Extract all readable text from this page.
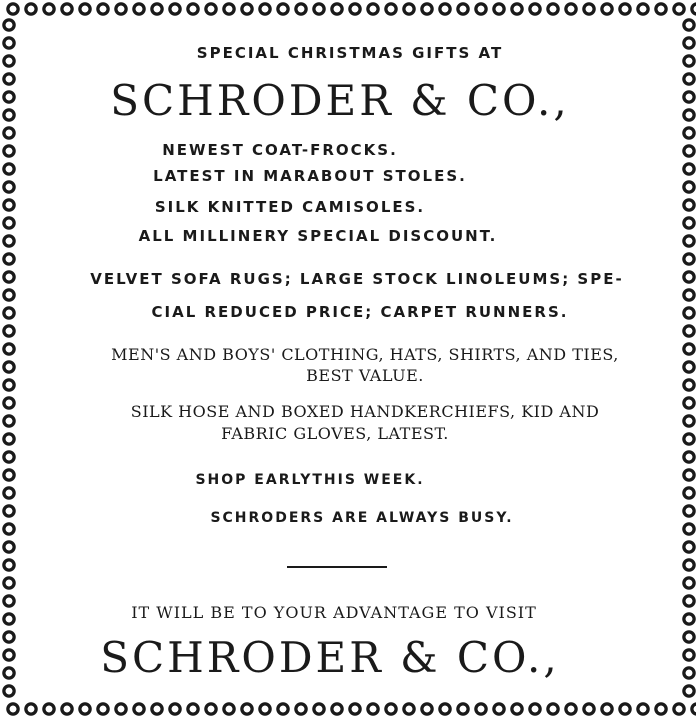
SPECIAL CHRISTMAS GIFTS AT
SCHRODER & CO.,
NEWEST COAT-FROCKS.
LATEST IN MARABOUT STOLES.
SILK KNITTED CAMISOLES.
ALL MILLINERY SPECIAL DISCOUNT.
VELVET SOFA RUGS; LARGE STOCK LINOLEUMS; SPE-
CIAL REDUCED PRICE; CARPET RUNNERS.
MEN'S AND BOYS' CLOTHING, HATS, SHIRTS, AND TIES,
BEST VALUE.
SILK HOSE AND BOXED HANDKERCHIEFS, KID AND
FABRIC GLOVES, LATEST.
SHOP EARLYTHIS WEEK.
SCHRODERS ARE ALWAYS BUSY.
IT WILL BE TO YOUR ADVANTAGE TO VISIT
SCHRODER & CO.,
